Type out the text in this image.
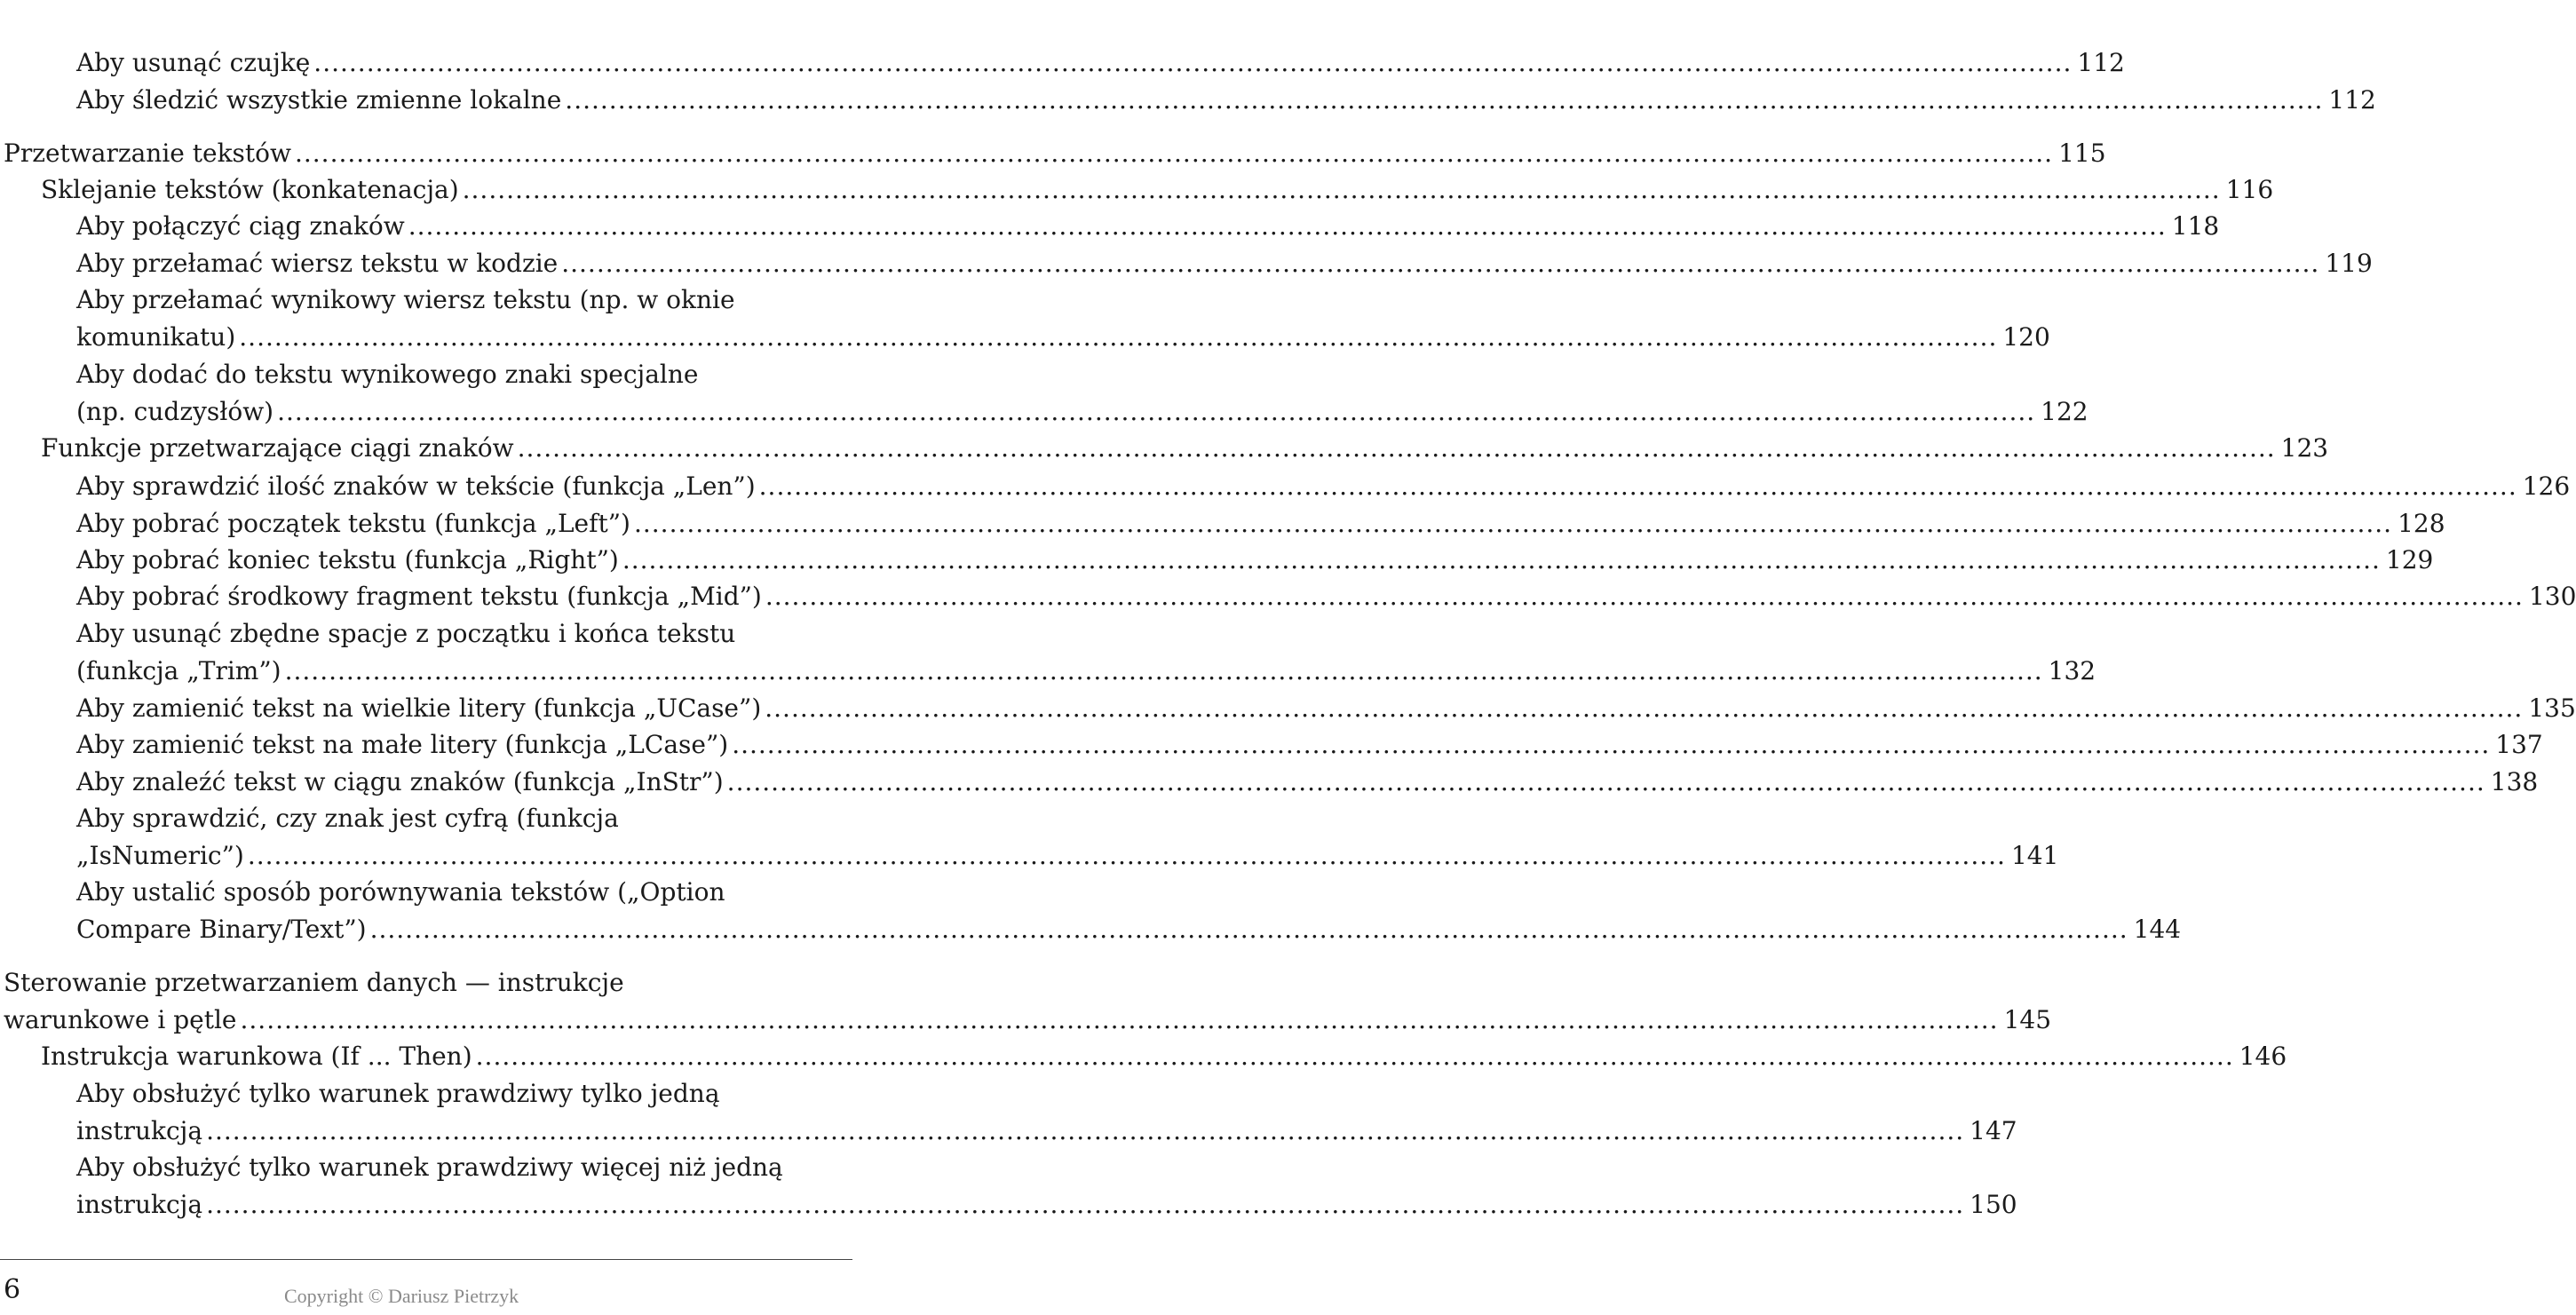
Aby usunąć czujkę ........................................................................................................................................................................................................ 112
Aby śledzić wszystkie zmienne lokalne ........................................................................................................................................................................................................ 112
Przetwarzanie tekstów ........................................................................................................................................................................................................ 115
Sklejanie tekstów (konkatenacja) ........................................................................................................................................................................................................ 116
Aby połączyć ciąg znaków ........................................................................................................................................................................................................ 118
Aby przełamać wiersz tekstu w kodzie ........................................................................................................................................................................................................ 119
Aby przełamać wynikowy wiersz tekstu (np. w oknie
komunikatu) ........................................................................................................................................................................................................ 120
Aby dodać do tekstu wynikowego znaki specjalne
(np. cudzysłów) ........................................................................................................................................................................................................ 122
Funkcje przetwarzające ciągi znaków ........................................................................................................................................................................................................ 123
Aby sprawdzić ilość znaków w tekście (funkcja „Len”) ........................................................................................................................................................................................................ 126
Aby pobrać początek tekstu (funkcja „Left”) ........................................................................................................................................................................................................ 128
Aby pobrać koniec tekstu (funkcja „Right”) ........................................................................................................................................................................................................ 129
Aby pobrać środkowy fragment tekstu (funkcja „Mid”) ........................................................................................................................................................................................................ 130
Aby usunąć zbędne spacje z początku i końca tekstu
(funkcja „Trim”) ........................................................................................................................................................................................................ 132
Aby zamienić tekst na wielkie litery (funkcja „UCase”) ........................................................................................................................................................................................................ 135
Aby zamienić tekst na małe litery (funkcja „LCase”) ........................................................................................................................................................................................................ 137
Aby znaleźć tekst w ciągu znaków (funkcja „InStr”) ........................................................................................................................................................................................................ 138
Aby sprawdzić, czy znak jest cyfrą (funkcja
„IsNumeric”) ........................................................................................................................................................................................................ 141
Aby ustalić sposób porównywania tekstów („Option
Compare Binary/Text”) ........................................................................................................................................................................................................ 144
Sterowanie przetwarzaniem danych — instrukcje
warunkowe i pętle ........................................................................................................................................................................................................ 145
Instrukcja warunkowa (If ... Then) ........................................................................................................................................................................................................ 146
Aby obsłużyć tylko warunek prawdziwy tylko jedną
instrukcją ........................................................................................................................................................................................................ 147
Aby obsłużyć tylko warunek prawdziwy więcej niż jedną
instrukcją ........................................................................................................................................................................................................ 150
6	Copyright © Dariusz Pietrzyk
